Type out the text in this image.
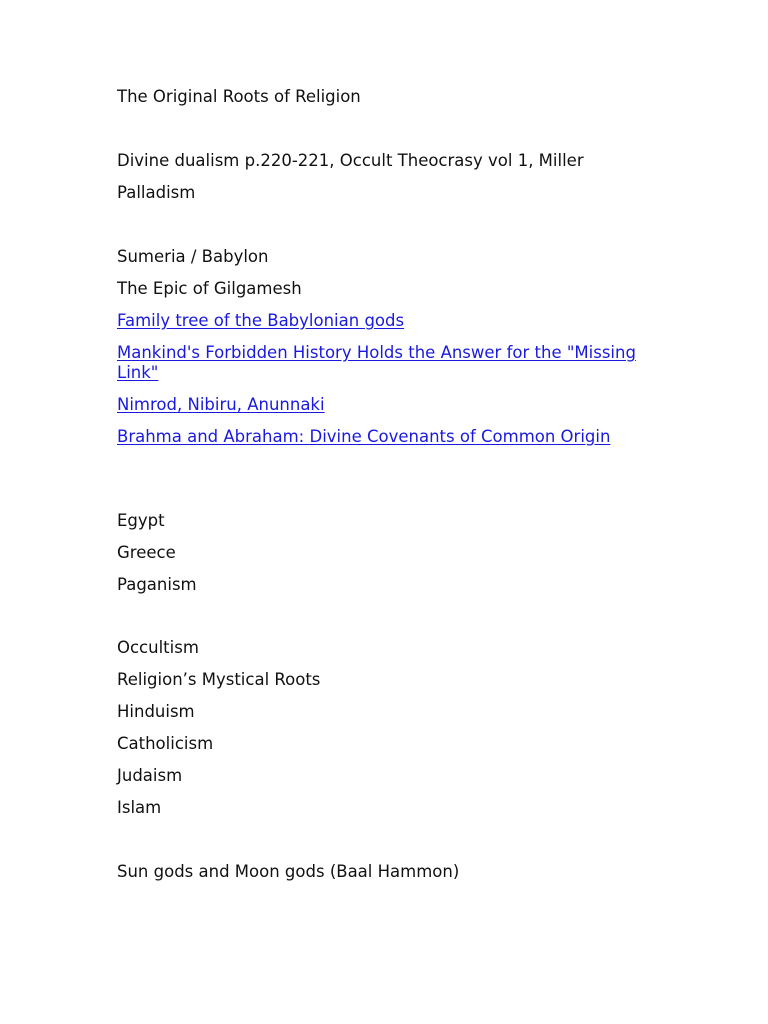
The Original Roots of Religion
Divine dualism p.220-221, Occult Theocrasy vol 1, Miller
Palladism
Sumeria / Babylon
The Epic of Gilgamesh
Family tree of the Babylonian gods
Mankind's Forbidden History Holds the Answer for the "Missing Link"
Nimrod, Nibiru, Anunnaki
Brahma and Abraham: Divine Covenants of Common Origin
Egypt
Greece
Paganism
Occultism
Religion’s Mystical Roots
Hinduism
Catholicism
Judaism
Islam
Sun gods and Moon gods (Baal Hammon)
